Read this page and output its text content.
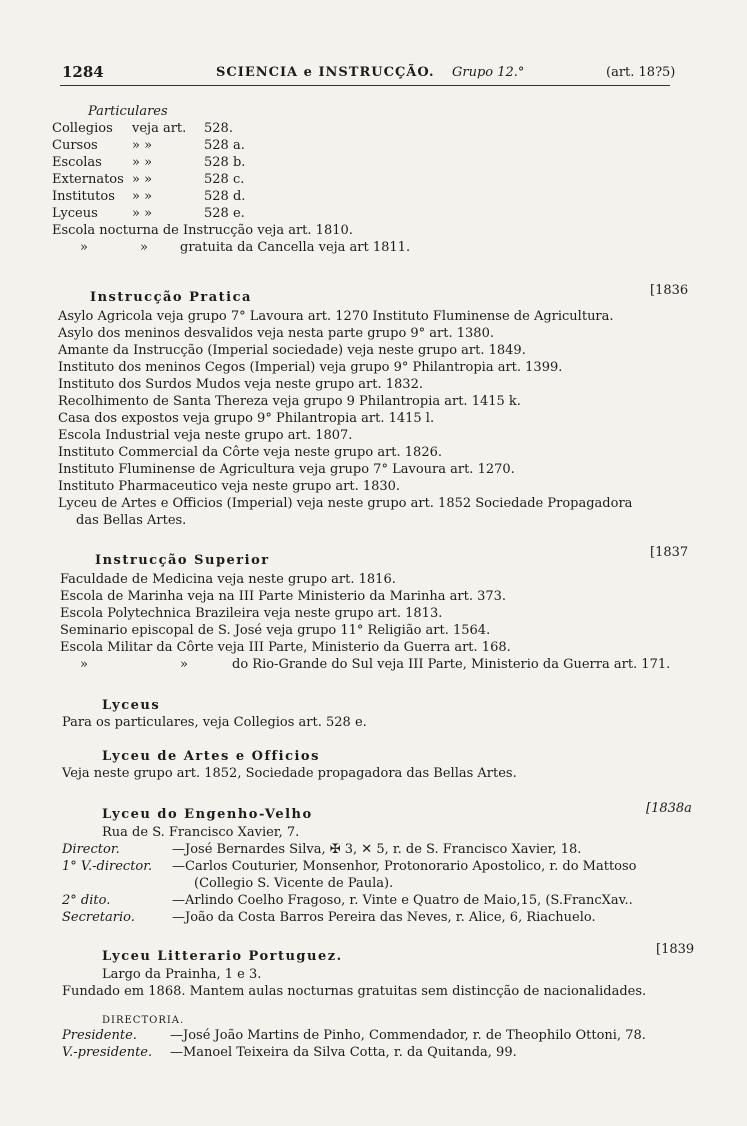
1284	SCIENCIA e INSTRUCÇÃO. Grupo 12.°	(art. 18?5)
Particulares
Collegios veja art. 528.
Cursos	» »	528 a.
Escolas » »	528 b.
Externatos » »	528 c.
Institutos » »	528 d.
Lyceus	» »	528 e.
Escola nocturna de Instrucção veja art. 1810.
»	» gratuita da Cancella veja art 1811.
Instrucção Pratica	[1836
Asylo Agricola veja grupo 7° Lavoura art. 1270 Instituto Fluminense de Agricultura.
Asylo dos meninos desvalidos veja nesta parte grupo 9° art. 1380.
Amante da Instrucção (Imperial sociedade) veja neste grupo art. 1849.
Instituto dos meninos Cegos (Imperial) veja grupo 9° Philantropia art. 1399.
Instituto dos Surdos Mudos veja neste grupo art. 1832.
Recolhimento de Santa Thereza veja grupo 9 Philantropia art. 1415 k.
Casa dos expostos veja grupo 9° Philantropia art. 1415 l.
Escola Industrial veja neste grupo art. 1807.
Instituto Commercial da Côrte veja neste grupo art. 1826.
Instituto Fluminense de Agricultura veja grupo 7° Lavoura art. 1270.
Instituto Pharmaceutico veja neste grupo art. 1830.
Lyceu de Artes e Officios (Imperial) veja neste grupo art. 1852 Sociedade Propagadora
das Bellas Artes.
Instrucção Superior
[1837
Faculdade de Medicina veja neste grupo art. 1816.
Escola de Marinha veja na III Parte Ministerio da Marinha art. 373.
Escola Polytechnica Brazileira veja neste grupo art. 1813.
Seminario episcopal de S. José veja grupo 11° Religião art. 1564.
Escola Militar da Côrte veja III Parte, Ministerio da Guerra art. 168.
»	»	do Rio-Grande do Sul veja III Parte, Ministerio da Guerra art. 171.
Lyceus
Para os particulares, veja Collegios art. 528 e.
Lyceu de Artes e Officios
Veja neste grupo art. 1852, Sociedade propagadora das Bellas Artes.
Lyceu do Engenho-Velho	[1838a
Rua de S. Francisco Xavier, 7.
Director.	—José Bernardes Silva, ✠ 3, ✕ 5, r. de S. Francisco Xavier, 18.
1° V.-director. —Carlos Couturier, Monsenhor, Protonorario Apostolico, r. do Mattoso
(Collegio S. Vicente de Paula).
2° dito.	—Arlindo Coelho Fragoso, r. Vinte e Quatro de Maio,15, (S.FrancXav..
Secretario.	—João da Costa Barros Pereira das Neves, r. Alice, 6, Riachuelo.
Lyceu Litterario Portuguez.	[1839
Largo da Prainha, 1 e 3.
Fundado em 1868. Mantem aulas nocturnas gratuitas sem distincção de nacionalidades.
DIRECTORIA.
Presidente.	—José João Martins de Pinho, Commendador, r. de Theophilo Ottoni, 78.
V.-presidente. —Manoel Teixeira da Silva Cotta, r. da Quitanda, 99.
